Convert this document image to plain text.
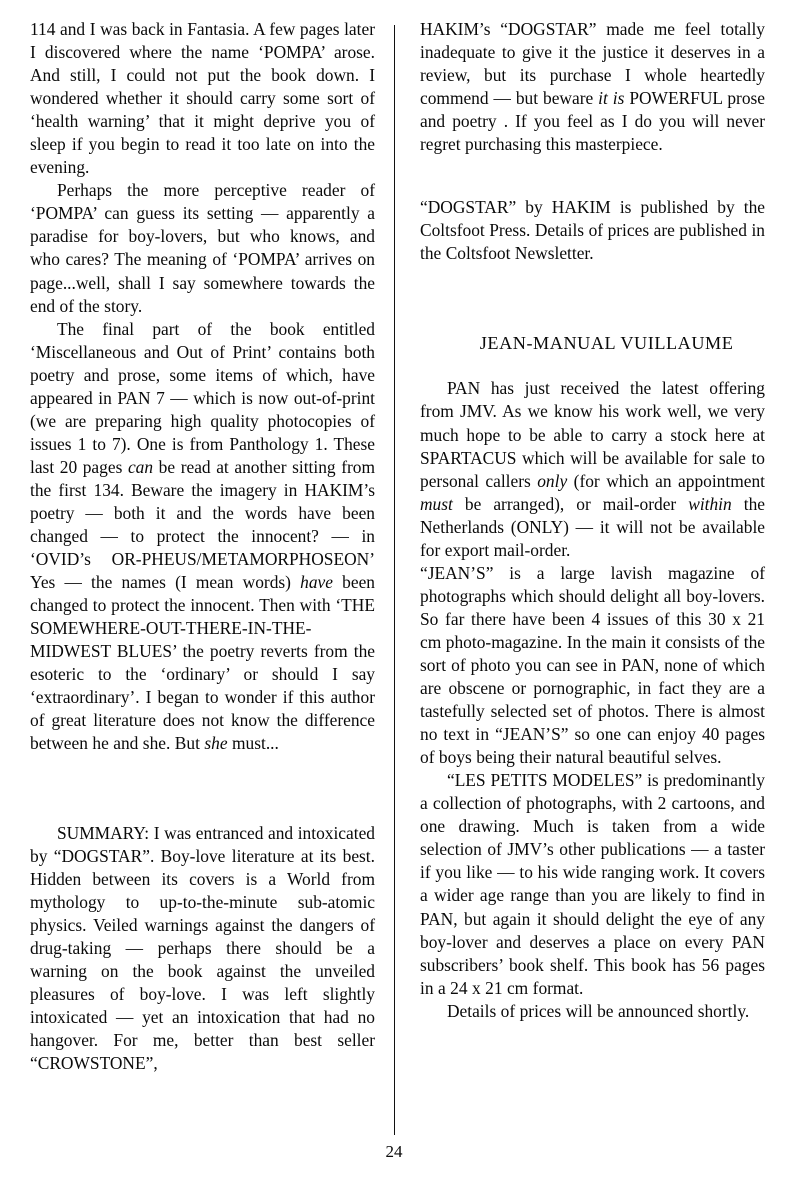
114 and I was back in Fantasia. A few pages later I discovered where the name ‘POMPA’ arose. And still, I could not put the book down. I wondered whether it should carry some sort of ‘health warning’ that it might deprive you of sleep if you begin to read it too late on into the evening.

Perhaps the more perceptive reader of ‘POMPA’ can guess its setting — apparently a paradise for boy-lovers, but who knows, and who cares? The meaning of ‘POMPA’ arrives on page...well, shall I say somewhere towards the end of the story.

The final part of the book entitled ‘Miscellaneous and Out of Print’ contains both poetry and prose, some items of which, have appeared in PAN 7 — which is now out-of-print (we are preparing high quality photocopies of issues 1 to 7). One is from Panthology 1. These last 20 pages can be read at another sitting from the first 134. Beware the imagery in HAKIM’s poetry — both it and the words have been changed — to protect the innocent? — in ‘OVID’s OR-PHEUS/METAMORPHOSEON’ Yes — the names (I mean words) have been changed to protect the innocent. Then with ‘THE SOMEWHERE-OUT-THERE-IN-THE-MIDWEST BLUES’ the poetry reverts from the esoteric to the ‘ordinary’ or should I say ‘extraordinary’. I began to wonder if this author of great literature does not know the difference between he and she. But she must...

SUMMARY: I was entranced and intoxicated by “DOGSTAR”. Boy-love literature at its best. Hidden between its covers is a World from mythology to up-to-the-minute sub-atomic physics. Veiled warnings against the dangers of drug-taking — perhaps there should be a warning on the book against the unveiled pleasures of boy-love. I was left slightly intoxicated — yet an intoxication that had no hangover. For me, better than best seller “CROWSTONE”,

HAKIM’s “DOGSTAR” made me feel totally inadequate to give it the justice it deserves in a review, but its purchase I whole heartedly commend — but beware it is POWERFUL prose and poetry . If you feel as I do you will never regret purchasing this masterpiece.

“DOGSTAR” by HAKIM is published by the Coltsfoot Press. Details of prices are published in the Coltsfoot Newsletter.

JEAN-MANUAL VUILLAUME

PAN has just received the latest offering from JMV. As we know his work well, we very much hope to be able to carry a stock here at SPARTACUS which will be available for sale to personal callers only (for which an appointment must be arranged), or mail-order within the Netherlands (ONLY) — it will not be available for export mail-order.

“JEAN’S” is a large lavish magazine of photographs which should delight all boy-lovers. So far there have been 4 issues of this 30 x 21 cm photo-magazine. In the main it consists of the sort of photo you can see in PAN, none of which are obscene or pornographic, in fact they are a tastefully selected set of photos. There is almost no text in “JEAN’S” so one can enjoy 40 pages of boys being their natural beautiful selves.

“LES PETITS MODELES” is predominantly a collection of photographs, with 2 cartoons, and one drawing. Much is taken from a wide selection of JMV’s other publications — a taster if you like — to his wide ranging work. It covers a wider age range than you are likely to find in PAN, but again it should delight the eye of any boy-lover and deserves a place on every PAN subscribers’ book shelf. This book has 56 pages in a 24 x 21 cm format.

Details of prices will be announced shortly.

24
